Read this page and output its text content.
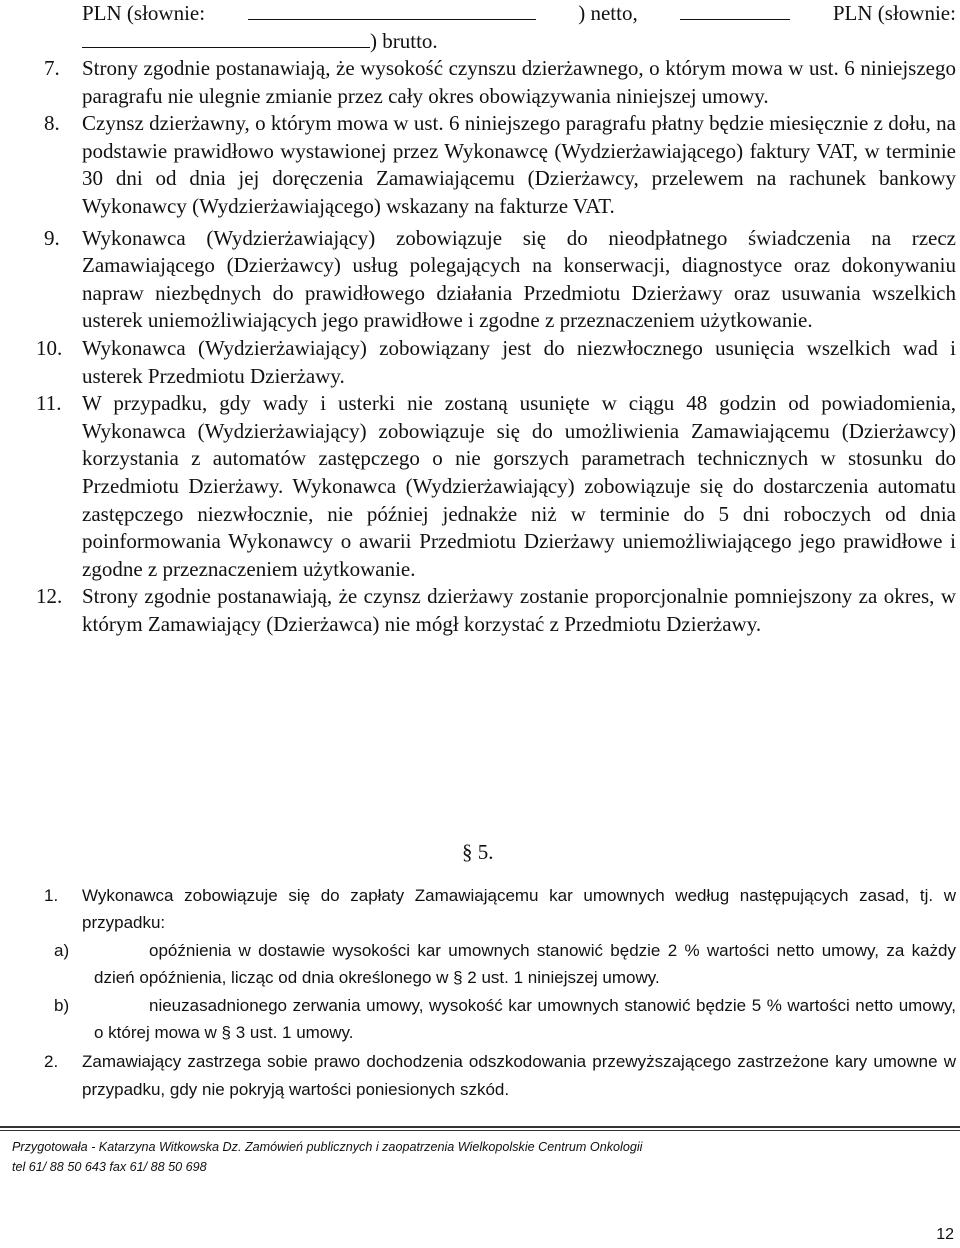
PLN (słownie:	) netto,	PLN (słownie:
) brutto.
7. Strony zgodnie postanawiają, że wysokość czynszu dzierżawnego, o którym mowa w ust. 6 niniejszego paragrafu nie ulegnie zmianie przez cały okres obowiązywania niniejszej umowy.
8. Czynsz dzierżawny, o którym mowa w ust. 6 niniejszego paragrafu płatny będzie miesięcznie z dołu, na podstawie prawidłowo wystawionej przez Wykonawcę (Wydzierżawiającego) faktury VAT, w terminie 30 dni od dnia jej doręczenia Zamawiającemu (Dzierżawcy, przelewem na rachunek bankowy Wykonawcy (Wydzierżawiającego) wskazany na fakturze VAT.
9. Wykonawca (Wydzierżawiający) zobowiązuje się do nieodpłatnego świadczenia na rzecz Zamawiającego (Dzierżawcy) usług polegających na konserwacji, diagnostyce oraz dokonywaniu napraw niezbędnych do prawidłowego działania Przedmiotu Dzierżawy oraz usuwania wszelkich usterek uniemożliwiających jego prawidłowe i zgodne z przeznaczeniem użytkowanie.
10. Wykonawca (Wydzierżawiający) zobowiązany jest do niezwłocznego usunięcia wszelkich wad i usterek Przedmiotu Dzierżawy.
11. W przypadku, gdy wady i usterki nie zostaną usunięte w ciągu 48 godzin od powiadomienia, Wykonawca (Wydzierżawiający) zobowiązuje się do umożliwienia Zamawiającemu (Dzierżawcy) korzystania z automatów zastępczego o nie gorszych parametrach technicznych w stosunku do Przedmiotu Dzierżawy. Wykonawca (Wydzierżawiający) zobowiązuje się do dostarczenia automatu zastępczego niezwłocznie, nie później jednakże niż w terminie do 5 dni roboczych od dnia poinformowania Wykonawcy o awarii Przedmiotu Dzierżawy uniemożliwiającego jego prawidłowe i zgodne z przeznaczeniem użytkowanie.
12. Strony zgodnie postanawiają, że czynsz dzierżawy zostanie proporcjonalnie pomniejszony za okres, w którym Zamawiający (Dzierżawca) nie mógł korzystać z Przedmiotu Dzierżawy.
§ 5.
1. Wykonawca zobowiązuje się do zapłaty Zamawiającemu kar umownych według następujących zasad, tj. w przypadku:
a)	opóźnienia w dostawie wysokości kar umownych stanowić będzie 2 % wartości netto umowy, za każdy dzień opóźnienia, licząc od dnia określonego w § 2 ust. 1 niniejszej umowy.
b)	nieuzasadnionego zerwania umowy, wysokość kar umownych stanowić będzie 5 % wartości netto umowy, o której mowa w § 3 ust. 1 umowy.
2. Zamawiający zastrzega sobie prawo dochodzenia odszkodowania przewyższającego zastrzeżone kary umowne w przypadku, gdy nie pokryją wartości poniesionych szkód.
Przygotowała - Katarzyna Witkowska Dz. Zamówień publicznych i zaopatrzenia Wielkopolskie Centrum Onkologii
tel 61/ 88 50 643 fax 61/ 88 50 698
12
